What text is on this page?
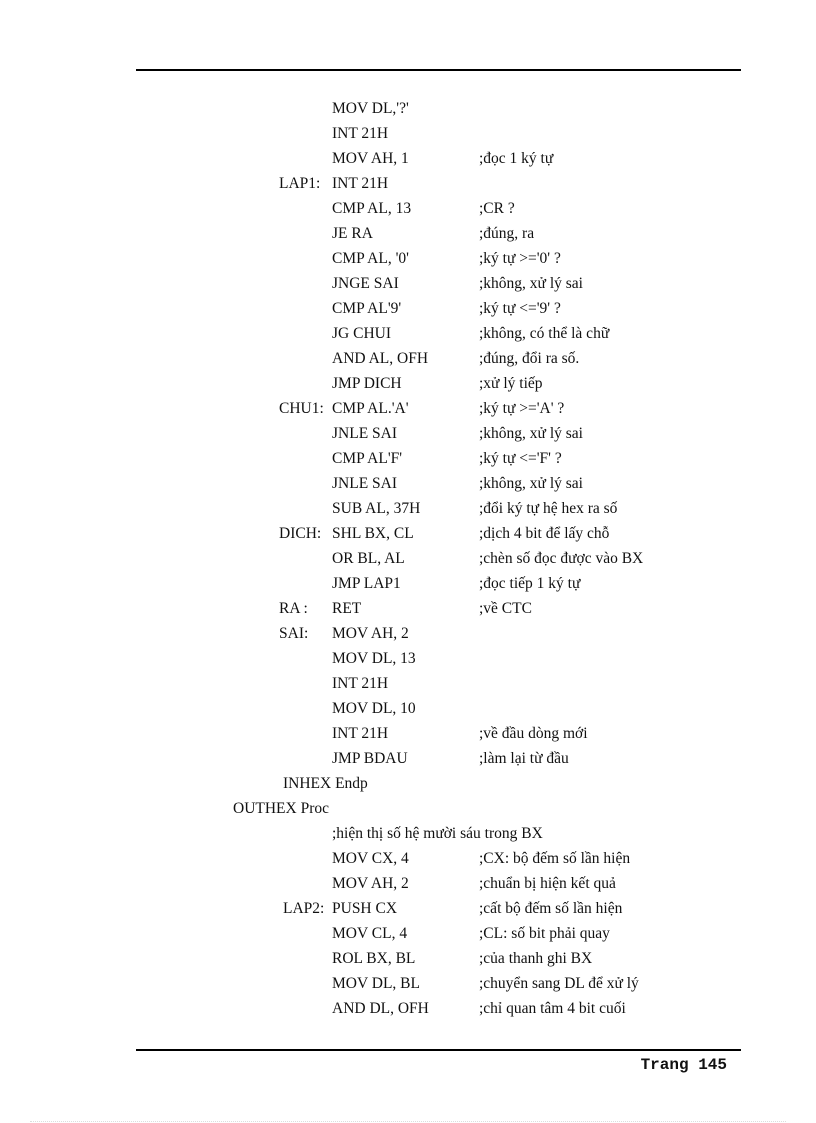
MOV DL,'?'
INT 21H
MOV AH, 1	;đọc 1 ký tự
LAP1: INT 21H
CMP AL, 13	;CR ?
JE RA	;đúng, ra
CMP AL, '0'	;ký tự >='0' ?
JNGE SAI	;không, xử lý sai
CMP AL'9'	;ký tự <='9' ?
JG CHUI	;không, có thể là chữ
AND AL, OFH	;đúng, đổi ra số.
JMP DICH	;xử lý tiếp
CHU1: CMP AL.'A'	;ký tự >='A' ?
JNLE SAI	;không, xử lý sai
CMP AL'F'	;ký tự <='F' ?
JNLE SAI	;không, xử lý sai
SUB AL, 37H	;đổi ký tự hệ hex ra số
DICH: SHL BX, CL	;dịch 4 bit để lấy chỗ
OR BL, AL	;chèn số đọc được vào BX
JMP LAP1	;đọc tiếp 1 ký tự
RA : RET	;về CTC
SAI: MOV AH, 2
MOV DL, 13
INT 21H
MOV DL, 10
INT 21H	;về đầu dòng mới
JMP BDAU	;làm lại từ đầu
INHEX Endp
OUTHEX Proc
;hiện thị số hệ mười sáu trong BX
MOV CX, 4	;CX: bộ đếm số lần hiện
MOV AH, 2	;chuẩn bị hiện kết quả
LAP2: PUSH CX	;cất bộ đếm số lần hiện
MOV CL, 4	;CL: số bit phải quay
ROL BX, BL	;của thanh ghi BX
MOV DL, BL	;chuyển sang DL để xử lý
AND DL, OFH	;chỉ quan tâm 4 bit cuối
Trang 145
